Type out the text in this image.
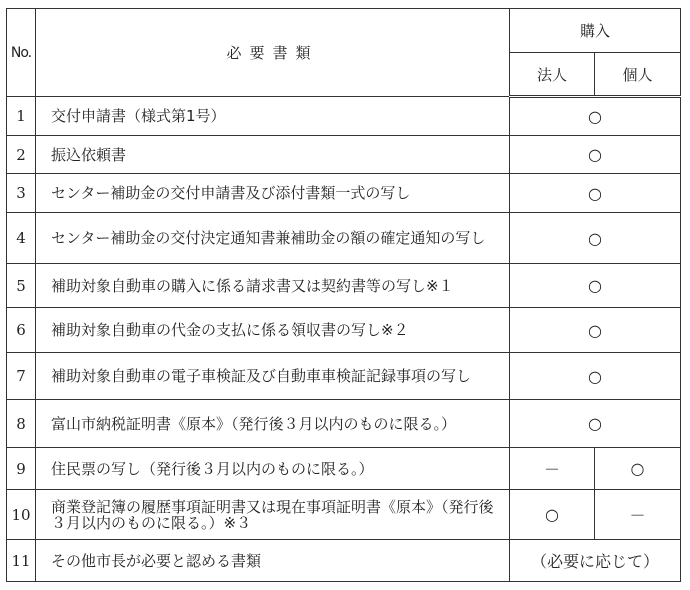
No.	必要書類	購入	
		法人	個人
1	交付申請書（様式第1号）	○	
2	振込依頼書	○	
3	センター補助金の交付申請書及び添付書類一式の写し	○	
4	センター補助金の交付決定通知書兼補助金の額の確定通知の写し	○	
5	補助対象自動車の購入に係る請求書又は契約書等の写し※１	○	
6	補助対象自動車の代金の支払に係る領収書の写し※２	○	
7	補助対象自動車の電子車検証及び自動車車検証記録事項の写し	○	
8	富山市納税証明書《原本》（発行後３月以内のものに限る。）	○	
9	住民票の写し（発行後３月以内のものに限る。）	－	○
10	商業登記簿の履歴事項証明書又は現在事項証明書《原本》（発行後３月以内のものに限る。）※３	○	－
11	その他市長が必要と認める書類	（必要に応じて）	
